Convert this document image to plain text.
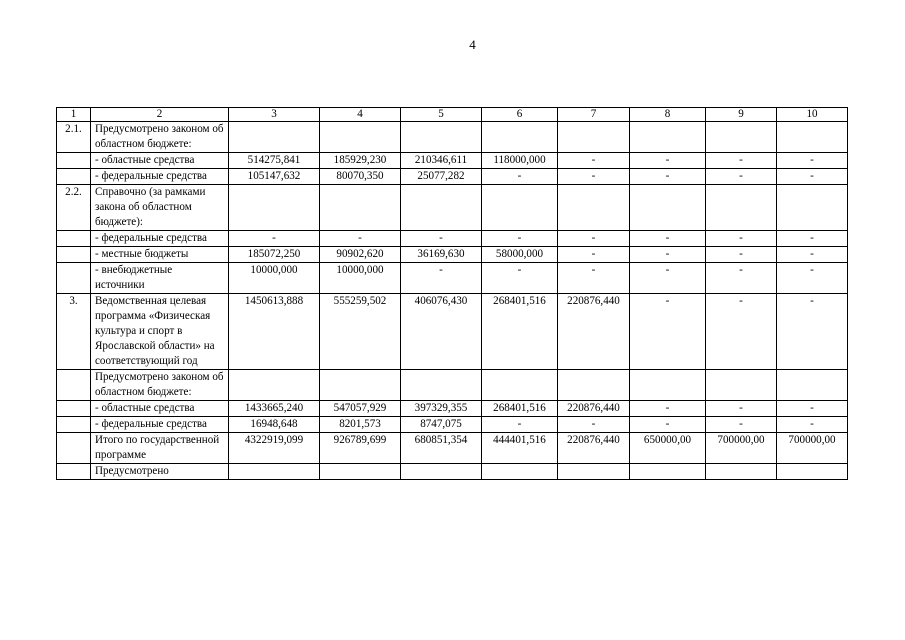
4
1	2	3	4	5	6	7	8	9	10
2.1.	Предусмотрено законом об областном бюджете:								
	- областные средства	514275,841	185929,230	210346,611	118000,000	-	-	-	-
	- федеральные средства	105147,632	80070,350	25077,282	-	-	-	-	-
2.2.	Справочно (за рамками закона об областном бюджете):								
	- федеральные средства	-	-	-	-	-	-	-	-
	- местные бюджеты	185072,250	90902,620	36169,630	58000,000	-	-	-	-
	- внебюджетные источники	10000,000	10000,000	-	-	-	-	-	-
3.	Ведомственная целевая программа «Физическая культура и спорт в Ярославской области» на соответствующий год	1450613,888	555259,502	406076,430	268401,516	220876,440	-	-	-
	Предусмотрено законом об областном бюджете:								
	- областные средства	1433665,240	547057,929	397329,355	268401,516	220876,440	-	-	-
	- федеральные средства	16948,648	8201,573	8747,075	-	-	-	-	-
	Итого по государственной программе	4322919,099	926789,699	680851,354	444401,516	220876,440	650000,00	700000,00	700000,00
	Предусмотрено								
